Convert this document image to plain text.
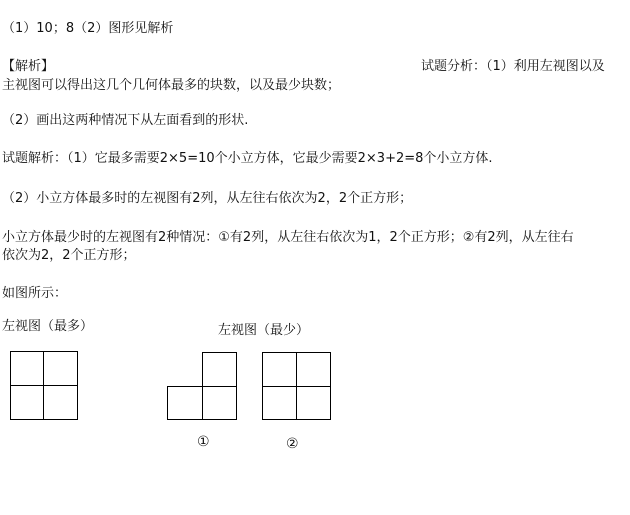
（1）10；8（2）图形见解析
【解析】	试题分析：（1）利用左视图以及
主视图可以得出这几个几何体最多的块数，以及最少块数；
（2）画出这两种情况下从左面看到的形状.
试题解析：（1）它最多需要2×5=10个小立方体，它最少需要2×3+2=8个小立方体.
（2）小立方体最多时的左视图有2列，从左往右依次为2，2个正方形；
小立方体最少时的左视图有2种情况：①有2列，从左往右依次为1，2个正方形；②有2列，从左往右
依次为2，2个正方形；
如图所示：
左视图（最多）	左视图（最少）
①	②
